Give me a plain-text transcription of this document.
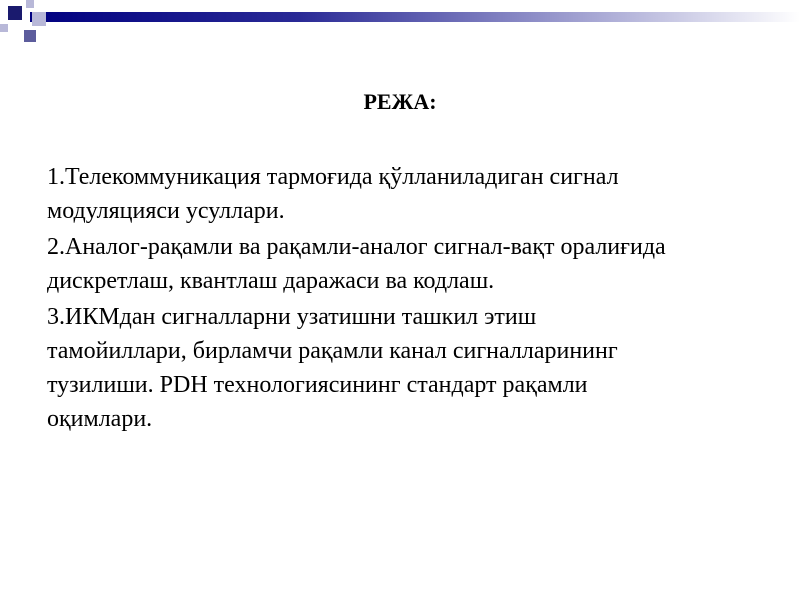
РЕЖА:
1.Телекоммуникация тармоғида қўлланиладиган сигнал
модуляцияси усуллари.
2.Аналог-рақамли ва рақамли-аналог сигнал-вақт оралиғида
дискретлаш, квантлаш даражаси ва кодлаш.
3.ИКМдан сигналларни узатишни ташкил этиш
тамойиллари, бирламчи рақамли канал сигналларининг
тузилиши. PDH технологиясининг стандарт рақамли
оқимлари.
